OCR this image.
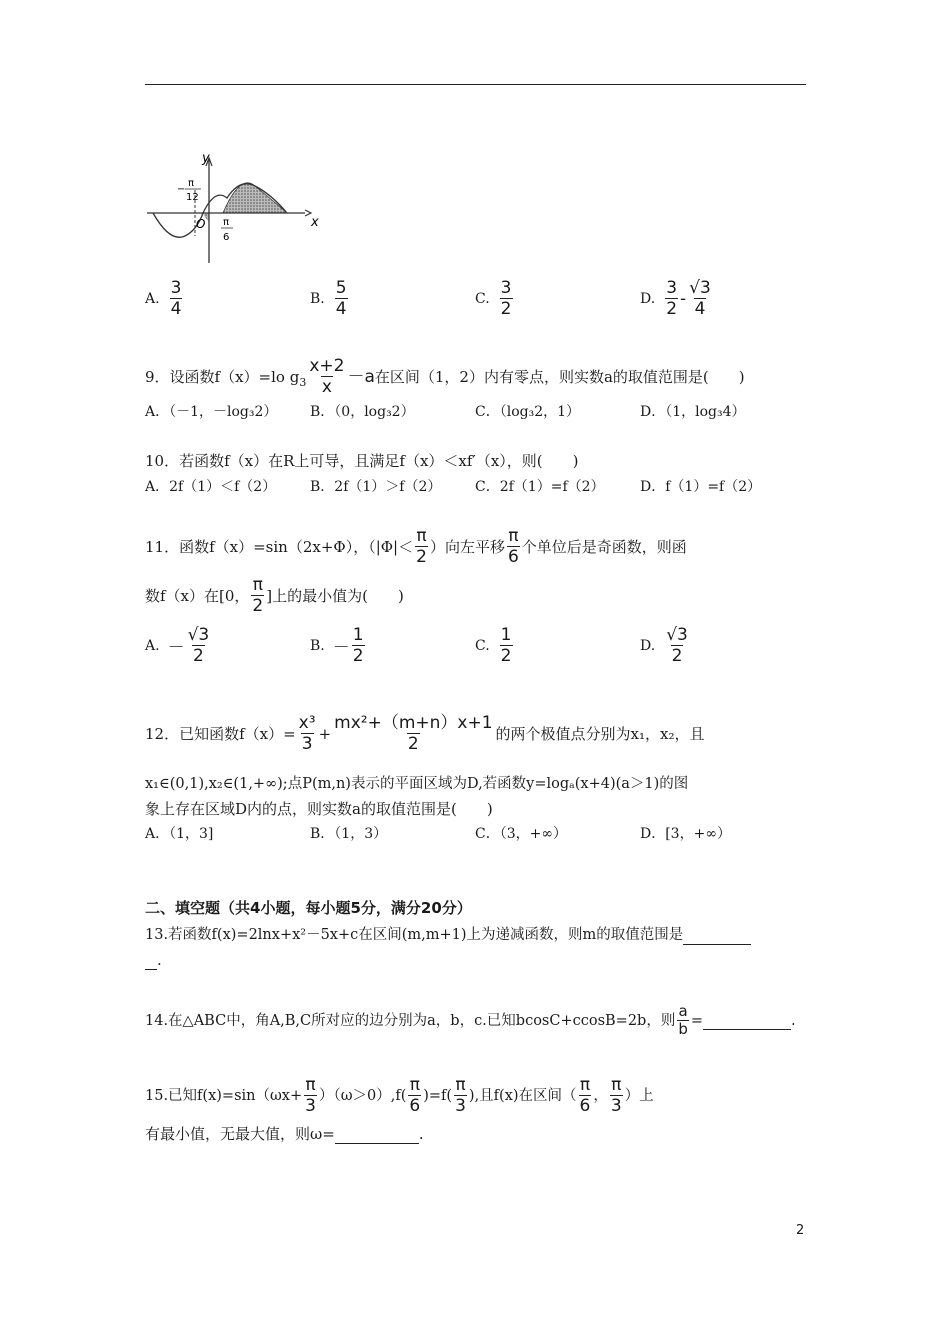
y
x
O
−
π
12
π
6
A. $\frac{3}{4}$	B. $\frac{5}{4}$	C. $\frac{3}{2}$	D. $\frac{3}{2} - \frac{√3}{4}$
9．设函数f（x）=lo g $3 \frac{x+2}{x} -a$ 在区间（1，2）内有零点，则实数a的取值范围是(　　)
A．（－1，－log₃2） B．（0，log₃2）	C．（log₃2，1）	D．（1，log₃4）
10．若函数f（x）在R上可导，且满足f（x）＜xf′（x），则(　　)
A．2f（1）＜f（2） B．2f（1）＞f（2） C．2f（1）=f（2）	D．f（1）=f（2）
11．函数f（x）=sin（2x+Φ），（$|\Phi|< \frac{\pi}{2}$ ）向左平移 $\frac{\pi}{6}$ 个单位后是奇函数，则函
数f（x）在[0， $\frac{\pi}{2}$ ]上的最小值为(　　)
A. － $\frac{√3}{2}$	B. － $\frac{1}{2}$	C. $\frac{1}{2}$	D. $\frac{√3}{2}$
12．已知函数$f(x)= \frac{\text{x³}}{3} + \frac{\text{mx²+（m+n）x+1}}{2}$ 的两个极值点分别为x₁，x₂，且
x₁∈(0,1),x₂∈(1,+∞);点P(m,n)表示的平面区域为D,若函数y=logₐ(x+4)(a＞1)的图
象上存在区域D内的点，则实数a的取值范围是(　　)
A．（1，3]	B．（1，3）	C．（3，+∞）	D．[3，+∞）
二、填空题（共4小题，每小题5分，满分20分）
13.若函数f(x)=2lnx+x²－5x+c在区间(m,m+1)上为递减函数，则m的取值范围是
.
14.在△ABC中，角A,B,C所对应的边分别为a，b，c.已知bcosC+ccosB=2b，则 $\frac{a}{b}$ =	.
15.已知$f(x)=\sin(\omega x+ \frac{\pi}{3} )(\omega>0),f( \frac{\pi}{6} )=f( \frac{\pi}{3}$ ),且f(x)在区间（ $\frac{\pi}{6}$ ， $\frac{\pi}{3}$ ）上
有最小值，无最大值，则ω=	.
2
